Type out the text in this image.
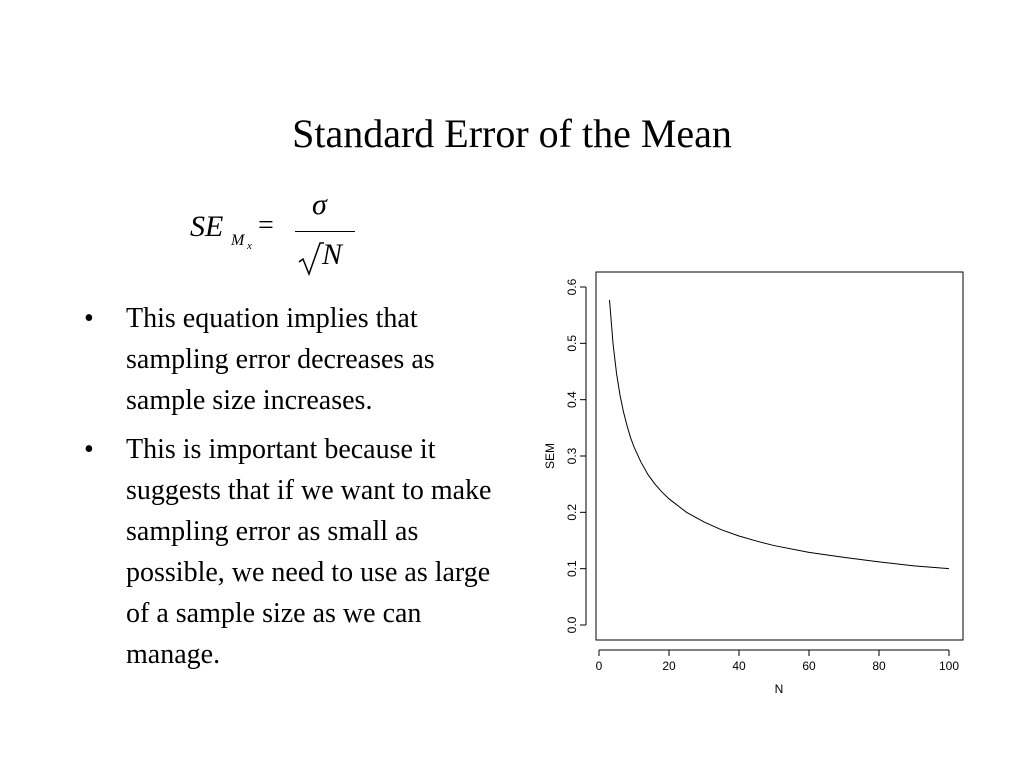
Standard Error of the Mean
SE M x
=
σ
N
• This equation implies that sampling error decreases as sample size increases.
• This is important because it suggests that if we want to make sampling error as small as possible, we need to use as large of a sample size as we can manage.	0	20	40	60	80	100
0.0
0.1
0.2
0.3
0.4
0.5
0.6
N
SEM
